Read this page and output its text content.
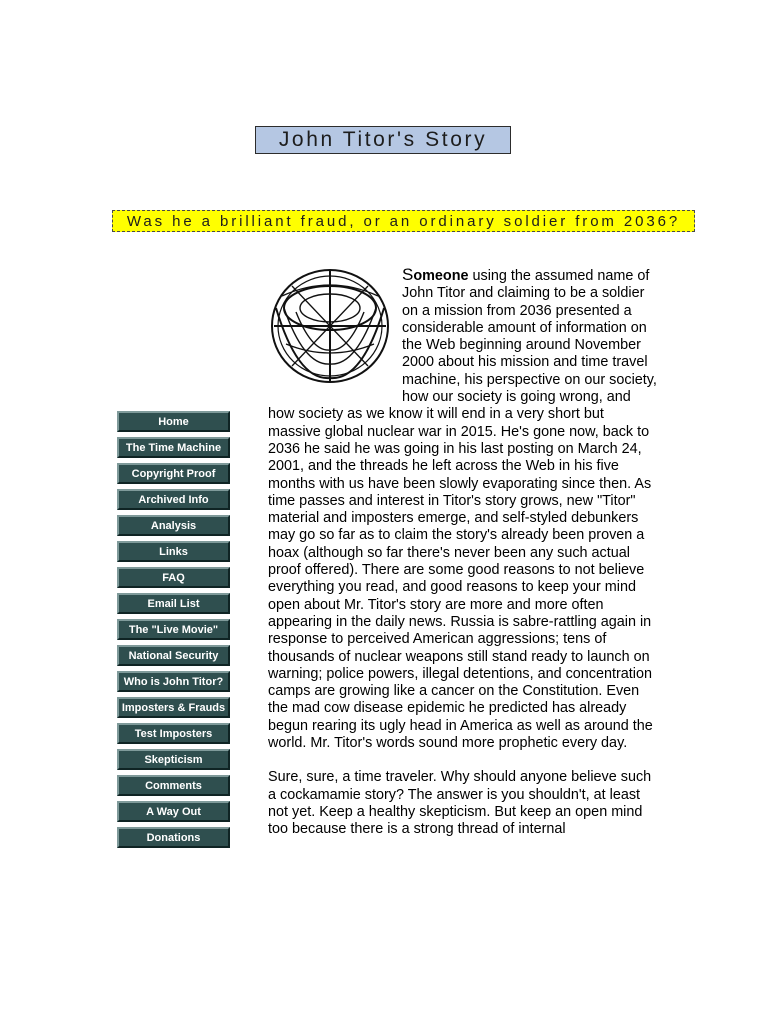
John Titor's Story
Was he a brilliant fraud, or an ordinary soldier from 2036?
Home
The Time Machine
Copyright Proof
Archived Info
Analysis
Links
FAQ
Email List
The "Live Movie"
National Security
Who is John Titor?
Imposters & Frauds
Test Imposters
Skepticism
Comments
A Way Out
Donations

Someone using the assumed name of John Titor and claiming to be a soldier on a mission from 2036 presented a considerable amount of information on the Web beginning around November 2000 about his mission and time travel machine, his perspective on our society, how our society is going wrong, and how society as we know it will end in a very short but massive global nuclear war in 2015. He's gone now, back to 2036 he said he was going in his last posting on March 24, 2001, and the threads he left across the Web in his five months with us have been slowly evaporating since then. As time passes and interest in Titor's story grows, new "Titor" material and imposters emerge, and self-styled debunkers may go so far as to claim the story's already been proven a hoax (although so far there's never been any such actual proof offered). There are some good reasons to not believe everything you read, and good reasons to keep your mind open about Mr. Titor's story are more and more often appearing in the daily news. Russia is sabre-rattling again in response to perceived American aggressions; tens of thousands of nuclear weapons still stand ready to launch on warning; police powers, illegal detentions, and concentration camps are growing like a cancer on the Constitution. Even the mad cow disease epidemic he predicted has already begun rearing its ugly head in America as well as around the world. Mr. Titor's words sound more prophetic every day.

Sure, sure, a time traveler. Why should anyone believe such a cockamamie story? The answer is you shouldn't, at least not yet. Keep a healthy skepticism. But keep an open mind too because there is a strong thread of internal
